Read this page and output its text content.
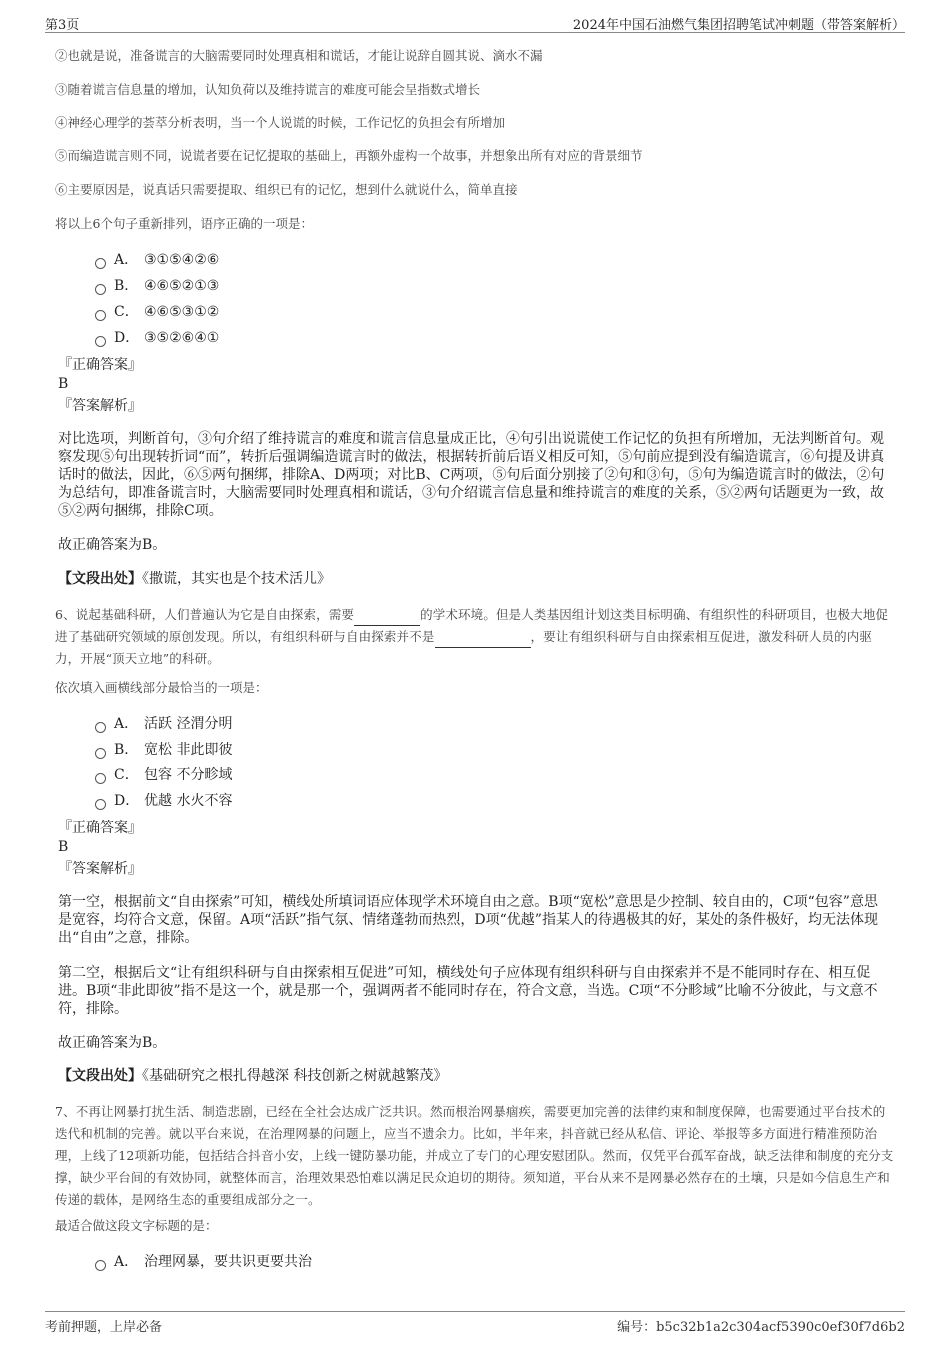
第3页	2024年中国石油燃气集团招聘笔试冲刺题（带答案解析）
②也就是说，准备谎言的大脑需要同时处理真相和谎话，才能让说辞自圆其说、滴水不漏
③随着谎言信息量的增加，认知负荷以及维持谎言的难度可能会呈指数式增长
④神经心理学的荟萃分析表明，当一个人说谎的时候，工作记忆的负担会有所增加
⑤而编造谎言则不同，说谎者要在记忆提取的基础上，再额外虚构一个故事，并想象出所有对应的背景细节
⑥主要原因是，说真话只需要提取、组织已有的记忆，想到什么就说什么，简单直接
将以上6个句子重新排列，语序正确的一项是：
A． ③①⑤④②⑥
B． ④⑥⑤②①③
C． ④⑥⑤③①②
D． ③⑤②⑥④①
『正确答案』
B
『答案解析』
对比选项，判断首句，③句介绍了维持谎言的难度和谎言信息量成正比，④句引出说谎使工作记忆的负担有所增加，无法判断首句。观察发现⑤句出现转折词“而”，转折后强调编造谎言时的做法，根据转折前后语义相反可知，⑤句前应提到没有编造谎言，⑥句提及讲真话时的做法，因此，⑥⑤两句捆绑，排除A、D两项；对比B、C两项，⑤句后面分别接了②句和③句，⑤句为编造谎言时的做法，②句为总结句，即准备谎言时，大脑需要同时处理真相和谎话，③句介绍谎言信息量和维持谎言的难度的关系，⑤②两句话题更为一致，故⑤②两句捆绑，排除C项。
故正确答案为B。
【文段出处】《撒谎，其实也是个技术活儿》
6、说起基础科研，人们普遍认为它是自由探索，需要	的学术环境。但是人类基因组计划这类目标明确、有组织性的科研项目，也极大地促进了基础研究领域的原创发现。所以，有组织科研与自由探索并不是	，要让有组织科研与自由探索相互促进，激发科研人员的内驱力，开展“顶天立地”的科研。
依次填入画横线部分最恰当的一项是：
A． 活跃 泾渭分明
B． 宽松 非此即彼
C． 包容 不分畛域
D． 优越 水火不容
『正确答案』
B
『答案解析』
第一空，根据前文“自由探索”可知，横线处所填词语应体现学术环境自由之意。B项“宽松”意思是少控制、较自由的，C项“包容”意思是宽容，均符合文意，保留。A项“活跃”指气氛、情绪蓬勃而热烈，D项“优越”指某人的待遇极其的好，某处的条件极好，均无法体现出“自由”之意，排除。
第二空，根据后文“让有组织科研与自由探索相互促进”可知，横线处句子应体现有组织科研与自由探索并不是不能同时存在、相互促进。B项“非此即彼”指不是这一个，就是那一个，强调两者不能同时存在，符合文意，当选。C项“不分畛域”比喻不分彼此，与文意不符，排除。
故正确答案为B。
【文段出处】《基础研究之根扎得越深 科技创新之树就越繁茂》
7、不再让网暴打扰生活、制造悲剧，已经在全社会达成广泛共识。然而根治网暴痼疾，需要更加完善的法律约束和制度保障，也需要通过平台技术的迭代和机制的完善。就以平台来说，在治理网暴的问题上，应当不遗余力。比如，半年来，抖音就已经从私信、评论、举报等多方面进行精准预防治理，上线了12项新功能，包括结合抖音小安，上线一键防暴功能，并成立了专门的心理安慰团队。然而，仅凭平台孤军奋战，缺乏法律和制度的充分支撑，缺少平台间的有效协同，就整体而言，治理效果恐怕难以满足民众迫切的期待。须知道，平台从来不是网暴必然存在的土壤，只是如今信息生产和传递的载体，是网络生态的重要组成部分之一。
最适合做这段文字标题的是：
A． 治理网暴，要共识更要共治
考前押题，上岸必备	编号：b5c32b1a2c304acf5390c0ef30f7d6b2
